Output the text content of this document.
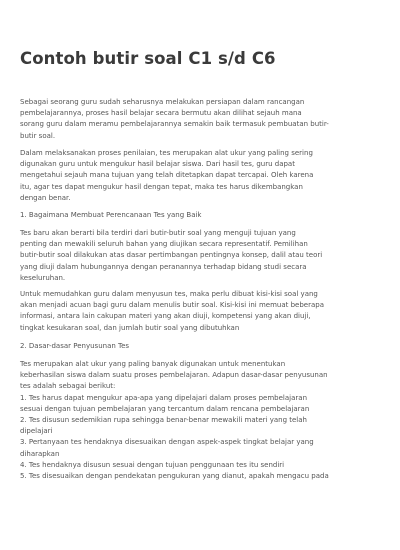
Contoh butir soal C1 s/d C6

Sebagai seorang guru sudah seharusnya melakukan persiapan dalam rancangan
pembelajarannya, proses hasil belajar secara bermutu akan dilihat sejauh mana
sorang guru dalam meramu pembelajarannya semakin baik termasuk pembuatan butir-
butir soal.

Dalam melaksanakan proses penilaian, tes merupakan alat ukur yang paling sering
digunakan guru untuk mengukur hasil belajar siswa. Dari hasil tes, guru dapat
mengetahui sejauh mana tujuan yang telah ditetapkan dapat tercapai. Oleh karena
itu, agar tes dapat mengukur hasil dengan tepat, maka tes harus dikembangkan
dengan benar.

1. Bagaimana Membuat Perencanaan Tes yang Baik

Tes baru akan berarti bila terdiri dari butir-butir soal yang menguji tujuan yang
penting dan mewakili seluruh bahan yang diujikan secara representatif. Pemilihan
butir-butir soal dilakukan atas dasar pertimbangan pentingnya konsep, dalil atau teori
yang diuji dalam hubungannya dengan peranannya terhadap bidang studi secara
keseluruhan.

Untuk memudahkan guru dalam menyusun tes, maka perlu dibuat kisi-kisi soal yang
akan menjadi acuan bagi guru dalam menulis butir soal. Kisi-kisi ini memuat beberapa
informasi, antara lain cakupan materi yang akan diuji, kompetensi yang akan diuji,
tingkat kesukaran soal, dan jumlah butir soal yang dibutuhkan

2. Dasar-dasar Penyusunan Tes

Tes merupakan alat ukur yang paling banyak digunakan untuk menentukan
keberhasilan siswa dalam suatu proses pembelajaran. Adapun dasar-dasar penyusunan
tes adalah sebagai berikut:
1. Tes harus dapat mengukur apa-apa yang dipelajari dalam proses pembelajaran
sesuai dengan tujuan pembelajaran yang tercantum dalam rencana pembelajaran
2. Tes disusun sedemikian rupa sehingga benar-benar mewakili materi yang telah
dipelajari
3. Pertanyaan tes hendaknya disesuaikan dengan aspek-aspek tingkat belajar yang
diharapkan
4. Tes hendaknya disusun sesuai dengan tujuan penggunaan tes itu sendiri
5. Tes disesuaikan dengan pendekatan pengukuran yang dianut, apakah mengacu pada
